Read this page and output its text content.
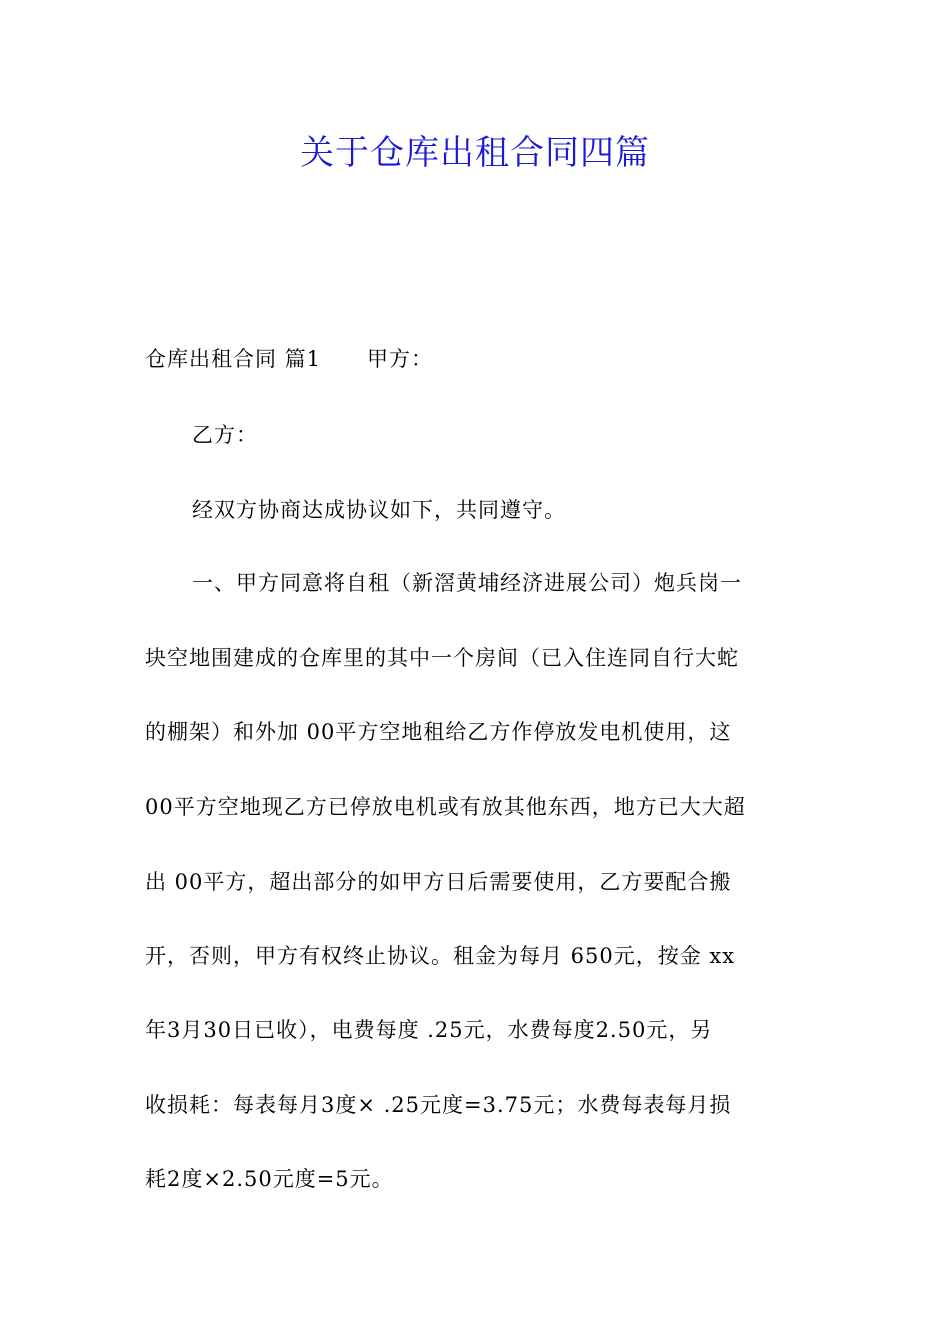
关于仓库出租合同四篇
仓库出租合同 篇1 甲方：
乙方：
经双方协商达成协议如下，共同遵守。
一、甲方同意将自租（新滘黄埔经济进展公司）炮兵岗一
块空地围建成的仓库里的其中一个房间（已入住连同自行大蛇
的棚架）和外加 00平方空地租给乙方作停放发电机使用，这
00平方空地现乙方已停放电机或有放其他东西，地方已大大超
出 00平方，超出部分的如甲方日后需要使用，乙方要配合搬
开，否则，甲方有权终止协议。租金为每月 650元，按金 xx
年3月30日已收），电费每度 .25元，水费每度2.50元，另
收损耗：每表每月3度× .25元度=3.75元；水费每表每月损
耗2度×2.50元度=5元。
